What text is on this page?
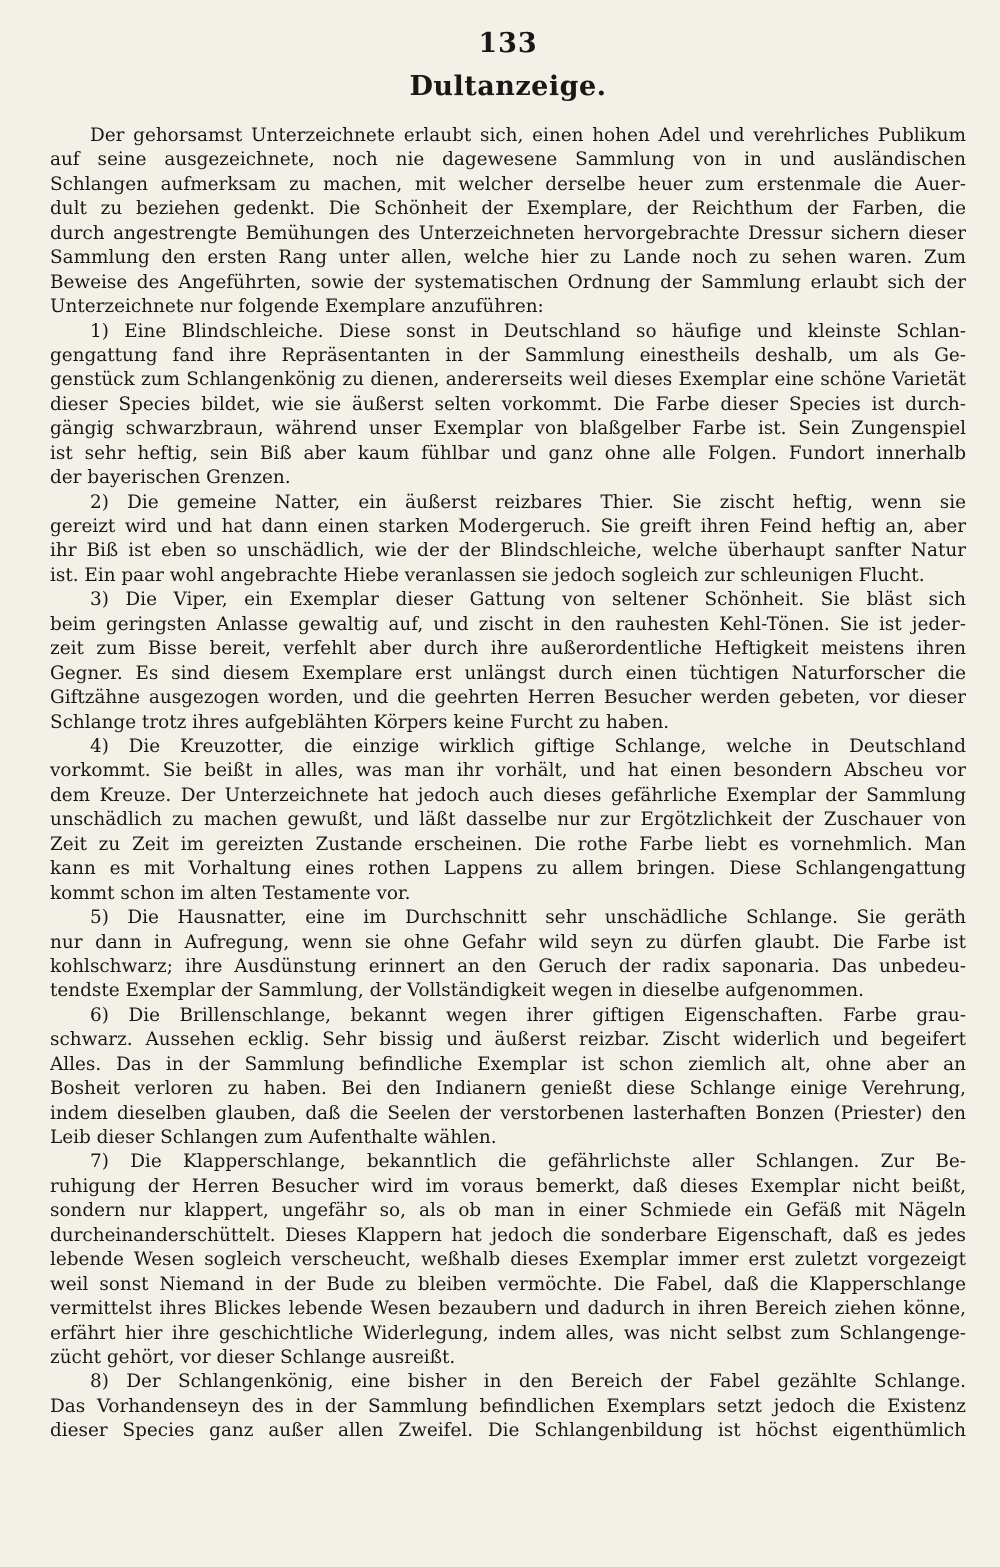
133
Dultanzeige.
Der gehorsamst Unterzeichnete erlaubt sich, einen hohen Adel und verehrliches Publikum
auf seine ausgezeichnete, noch nie dagewesene Sammlung von in und ausländischen
Schlangen aufmerksam zu machen, mit welcher derselbe heuer zum erstenmale die Auer-
dult zu beziehen gedenkt. Die Schönheit der Exemplare, der Reichthum der Farben, die
durch angestrengte Bemühungen des Unterzeichneten hervorgebrachte Dressur sichern dieser
Sammlung den ersten Rang unter allen, welche hier zu Lande noch zu sehen waren. Zum
Beweise des Angeführten, sowie der systematischen Ordnung der Sammlung erlaubt sich der
Unterzeichnete nur folgende Exemplare anzuführen:
1) Eine Blindschleiche. Diese sonst in Deutschland so häufige und kleinste Schlan-
gengattung fand ihre Repräsentanten in der Sammlung einestheils deshalb, um als Ge-
genstück zum Schlangenkönig zu dienen, andererseits weil dieses Exemplar eine schöne Varietät
dieser Species bildet, wie sie äußerst selten vorkommt. Die Farbe dieser Species ist durch-
gängig schwarzbraun, während unser Exemplar von blaßgelber Farbe ist. Sein Zungenspiel
ist sehr heftig, sein Biß aber kaum fühlbar und ganz ohne alle Folgen. Fundort innerhalb
der bayerischen Grenzen.
2) Die gemeine Natter, ein äußerst reizbares Thier. Sie zischt heftig, wenn sie
gereizt wird und hat dann einen starken Modergeruch. Sie greift ihren Feind heftig an, aber
ihr Biß ist eben so unschädlich, wie der der Blindschleiche, welche überhaupt sanfter Natur
ist. Ein paar wohl angebrachte Hiebe veranlassen sie jedoch sogleich zur schleunigen Flucht.
3) Die Viper, ein Exemplar dieser Gattung von seltener Schönheit. Sie bläst sich
beim geringsten Anlasse gewaltig auf, und zischt in den rauhesten Kehl-Tönen. Sie ist jeder-
zeit zum Bisse bereit, verfehlt aber durch ihre außerordentliche Heftigkeit meistens ihren
Gegner. Es sind diesem Exemplare erst unlängst durch einen tüchtigen Naturforscher die
Giftzähne ausgezogen worden, und die geehrten Herren Besucher werden gebeten, vor dieser
Schlange trotz ihres aufgeblähten Körpers keine Furcht zu haben.
4) Die Kreuzotter, die einzige wirklich giftige Schlange, welche in Deutschland
vorkommt. Sie beißt in alles, was man ihr vorhält, und hat einen besondern Abscheu vor
dem Kreuze. Der Unterzeichnete hat jedoch auch dieses gefährliche Exemplar der Sammlung
unschädlich zu machen gewußt, und läßt dasselbe nur zur Ergötzlichkeit der Zuschauer von
Zeit zu Zeit im gereizten Zustande erscheinen. Die rothe Farbe liebt es vornehmlich. Man
kann es mit Vorhaltung eines rothen Lappens zu allem bringen. Diese Schlangengattung
kommt schon im alten Testamente vor.
5) Die Hausnatter, eine im Durchschnitt sehr unschädliche Schlange. Sie geräth
nur dann in Aufregung, wenn sie ohne Gefahr wild seyn zu dürfen glaubt. Die Farbe ist
kohlschwarz; ihre Ausdünstung erinnert an den Geruch der radix saponaria. Das unbedeu-
tendste Exemplar der Sammlung, der Vollständigkeit wegen in dieselbe aufgenommen.
6) Die Brillenschlange, bekannt wegen ihrer giftigen Eigenschaften. Farbe grau-
schwarz. Aussehen ecklig. Sehr bissig und äußerst reizbar. Zischt widerlich und begeifert
Alles. Das in der Sammlung befindliche Exemplar ist schon ziemlich alt, ohne aber an
Bosheit verloren zu haben. Bei den Indianern genießt diese Schlange einige Verehrung,
indem dieselben glauben, daß die Seelen der verstorbenen lasterhaften Bonzen (Priester) den
Leib dieser Schlangen zum Aufenthalte wählen.
7) Die Klapperschlange, bekanntlich die gefährlichste aller Schlangen. Zur Be-
ruhigung der Herren Besucher wird im voraus bemerkt, daß dieses Exemplar nicht beißt,
sondern nur klappert, ungefähr so, als ob man in einer Schmiede ein Gefäß mit Nägeln
durcheinanderschüttelt. Dieses Klappern hat jedoch die sonderbare Eigenschaft, daß es jedes
lebende Wesen sogleich verscheucht, weßhalb dieses Exemplar immer erst zuletzt vorgezeigt
weil sonst Niemand in der Bude zu bleiben vermöchte. Die Fabel, daß die Klapperschlange
vermittelst ihres Blickes lebende Wesen bezaubern und dadurch in ihren Bereich ziehen könne,
erfährt hier ihre geschichtliche Widerlegung, indem alles, was nicht selbst zum Schlangenge-
zücht gehört, vor dieser Schlange ausreißt.
8) Der Schlangenkönig, eine bisher in den Bereich der Fabel gezählte Schlange.
Das Vorhandenseyn des in der Sammlung befindlichen Exemplars setzt jedoch die Existenz
dieser Species ganz außer allen Zweifel. Die Schlangenbildung ist höchst eigenthümlich
